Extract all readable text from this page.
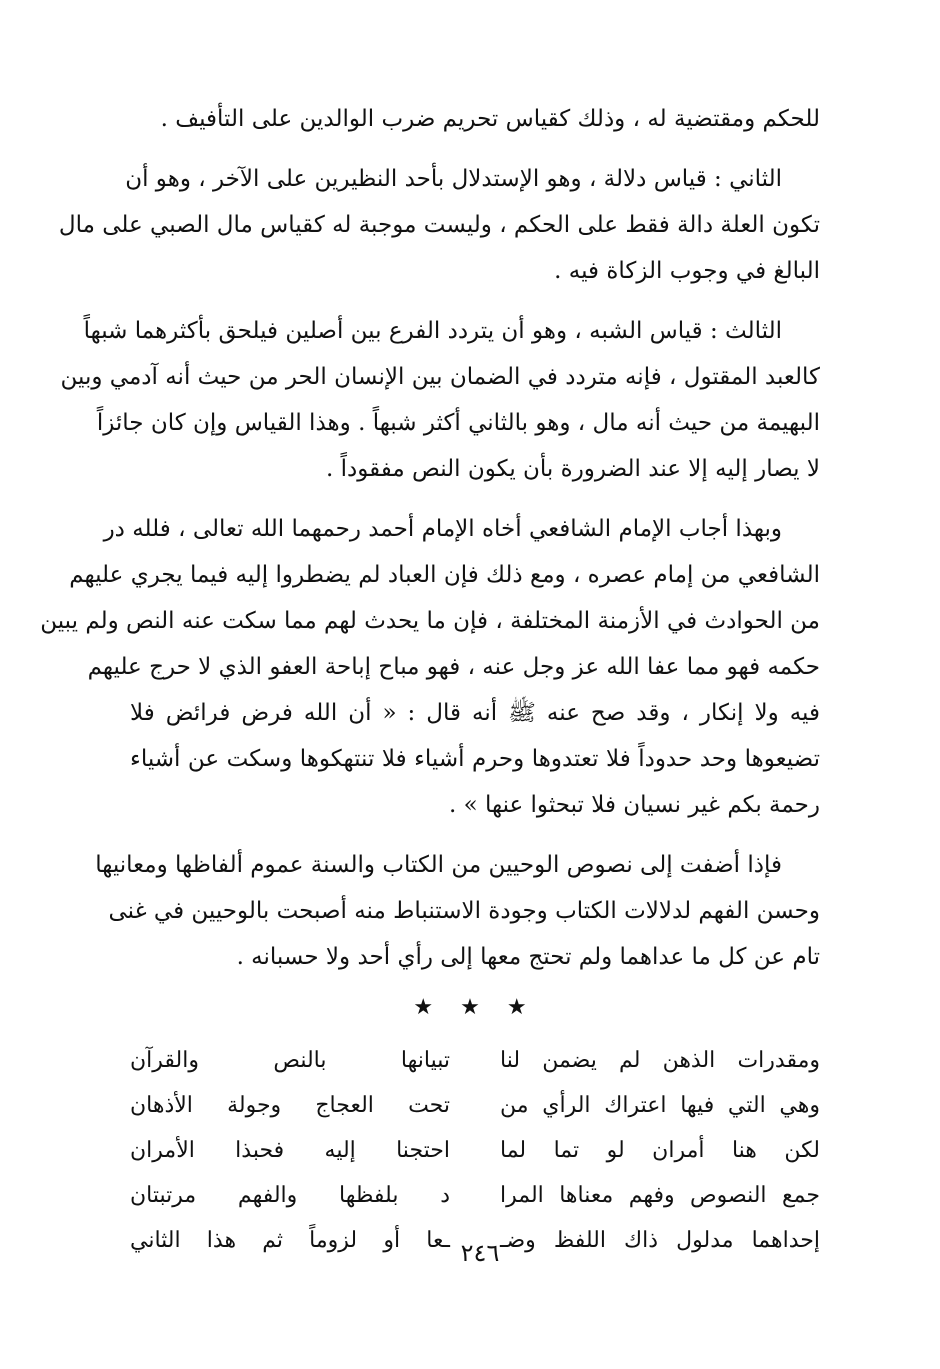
للحكم ومقتضية له ، وذلك كقياس تحريم ضرب الوالدين على التأفيف .

الثاني : قياس دلالة ، وهو الإستدلال بأحد النظيرين على الآخر ، وهو أن
تكون العلة دالة فقط على الحكم ، وليست موجبة له كقياس مال الصبي على مال
البالغ في وجوب الزكاة فيه .

الثالث : قياس الشبه ، وهو أن يتردد الفرع بين أصلين فيلحق بأكثرهما شبهاً
كالعبد المقتول ، فإنه متردد في الضمان بين الإنسان الحر من حيث أنه آدمي وبين
البهيمة من حيث أنه مال ، وهو بالثاني أكثر شبهاً . وهذا القياس وإن كان جائزاً
لا يصار إليه إلا عند الضرورة بأن يكون النص مفقوداً .

وبهذا أجاب الإمام الشافعي أخاه الإمام أحمد رحمهما الله تعالى ، فلله در
الشافعي من إمام عصره ، ومع ذلك فإن العباد لم يضطروا إليه فيما يجري عليهم
من الحوادث في الأزمنة المختلفة ، فإن ما يحدث لهم مما سكت عنه النص ولم يبين
حكمه فهو مما عفا الله عز وجل عنه ، فهو مباح إباحة العفو الذي لا حرج عليهم
فيه ولا إنكار ، وقد صح عنه ﷺ أنه قال : « أن الله فرض فرائض فلا
تضيعوها وحد حدوداً فلا تعتدوها وحرم أشياء فلا تنتهكوها وسكت عن أشياء
رحمة بكم غير نسيان فلا تبحثوا عنها » .

فإذا أضفت إلى نصوص الوحيين من الكتاب والسنة عموم ألفاظها ومعانيها
وحسن الفهم لدلالات الكتاب وجودة الاستنباط منه أصبحت بالوحيين في غنى
تام عن كل ما عداهما ولم تحتج معها إلى رأي أحد ولا حسبانه .

★ ★ ★
ومقدرات الذهن لم يضمن لنا
تبيانها بالنص والقرآن
وهي التي فيها اعتراك الرأي من
تحت العجاج وجولة الأذهان
لكن هنا أمران لو تما لما
احتجنا إليه فحبذا الأمران
جمع النصوص وفهم معناها المرا
د بلفظها والفهم مرتبتان
إحداهما مدلول ذاك اللفظ وضـ
ـعا أو لزوماً ثم هذا الثاني ٢٤٦
